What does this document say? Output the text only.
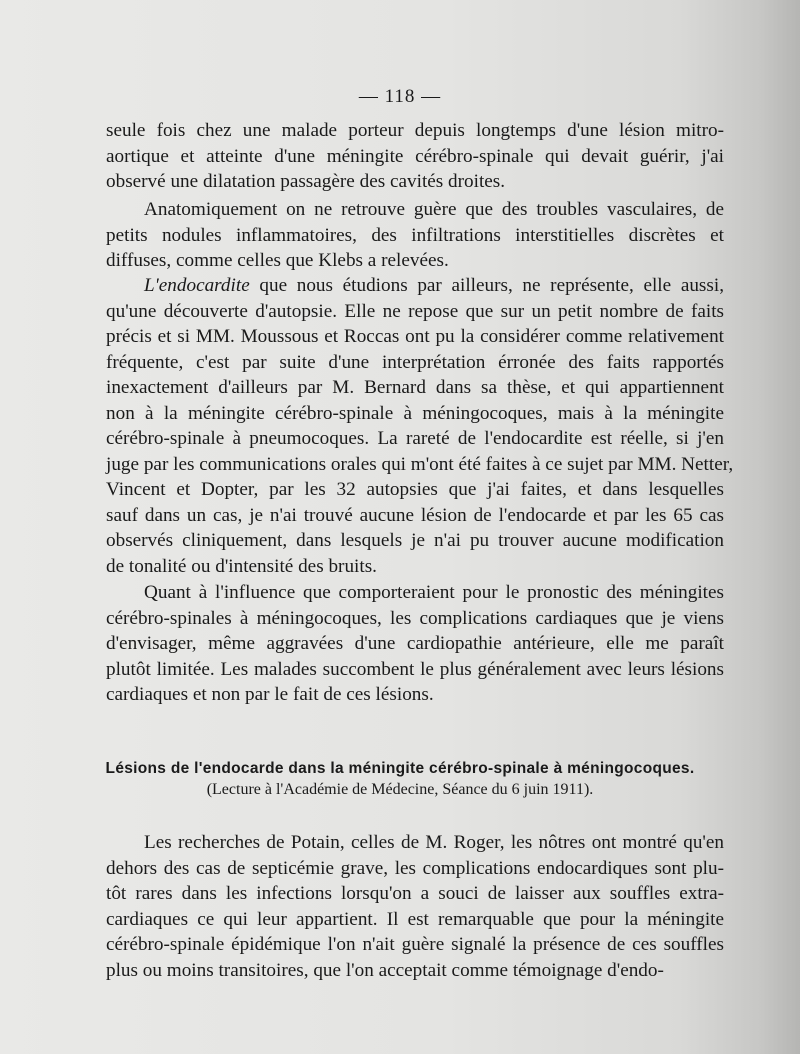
— 118 —
seule fois chez une malade porteur depuis longtemps d'une lésion mitro-
aortique et atteinte d'une méningite cérébro-spinale qui devait guérir, j'ai
observé une dilatation passagère des cavités droites.
Anatomiquement on ne retrouve guère que des troubles vasculaires, de
petits nodules inflammatoires, des infiltrations interstitielles discrètes et
diffuses, comme celles que Klebs a relevées.
L'endocardite que nous étudions par ailleurs, ne représente, elle aussi,
qu'une découverte d'autopsie. Elle ne repose que sur un petit nombre de faits
précis et si MM. Moussous et Roccas ont pu la considérer comme relativement
fréquente, c'est par suite d'une interprétation érronée des faits rapportés
inexactement d'ailleurs par M. Bernard dans sa thèse, et qui appartiennent
non à la méningite cérébro-spinale à méningocoques, mais à la méningite
cérébro-spinale à pneumocoques. La rareté de l'endocardite est réelle, si j'en
juge par les communications orales qui m'ont été faites à ce sujet par MM. Netter,
Vincent et Dopter, par les 32 autopsies que j'ai faites, et dans lesquelles
sauf dans un cas, je n'ai trouvé aucune lésion de l'endocarde et par les 65 cas
observés cliniquement, dans lesquels je n'ai pu trouver aucune modification
de tonalité ou d'intensité des bruits.
Quant à l'influence que comporteraient pour le pronostic des méningites
cérébro-spinales à méningocoques, les complications cardiaques que je viens
d'envisager, même aggravées d'une cardiopathie antérieure, elle me paraît
plutôt limitée. Les malades succombent le plus généralement avec leurs lésions
cardiaques et non par le fait de ces lésions.
Lésions de l'endocarde dans la méningite cérébro-spinale à méningocoques.
(Lecture à l'Académie de Médecine, Séance du 6 juin 1911).
Les recherches de Potain, celles de M. Roger, les nôtres ont montré qu'en
dehors des cas de septicémie grave, les complications endocardiques sont plu-
tôt rares dans les infections lorsqu'on a souci de laisser aux souffles extra-
cardiaques ce qui leur appartient. Il est remarquable que pour la méningite
cérébro-spinale épidémique l'on n'ait guère signalé la présence de ces souffles
plus ou moins transitoires, que l'on acceptait comme témoignage d'endo-
